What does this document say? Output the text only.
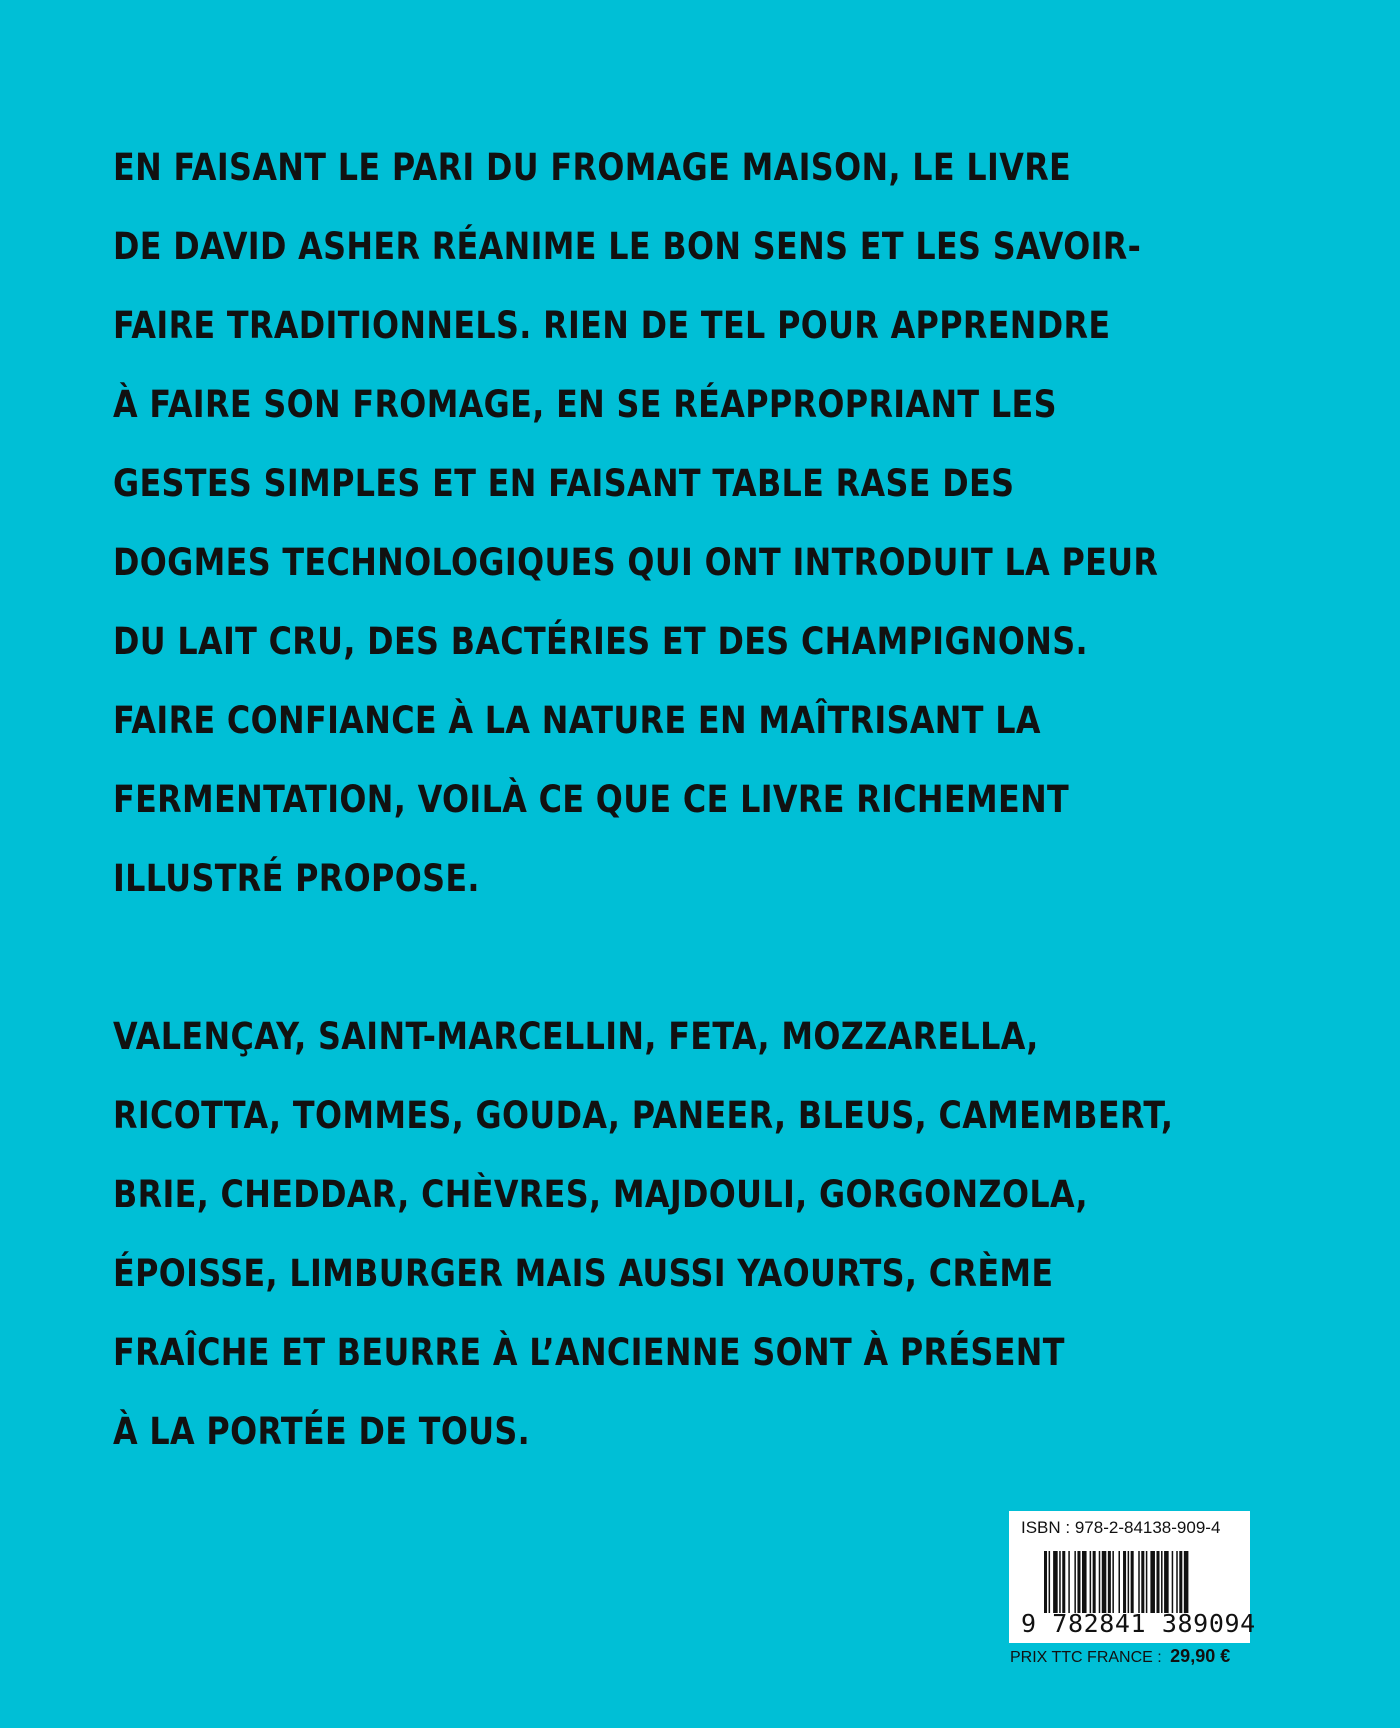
EN FAISANT LE PARI DU FROMAGE MAISON, LE LIVRE
DE DAVID ASHER RÉANIME LE BON SENS ET LES SAVOIR-
FAIRE TRADITIONNELS. RIEN DE TEL POUR APPRENDRE
À FAIRE SON FROMAGE, EN SE RÉAPPROPRIANT LES
GESTES SIMPLES ET EN FAISANT TABLE RASE DES
DOGMES TECHNOLOGIQUES QUI ONT INTRODUIT LA PEUR
DU LAIT CRU, DES BACTÉRIES ET DES CHAMPIGNONS.
FAIRE CONFIANCE À LA NATURE EN MAÎTRISANT LA
FERMENTATION, VOILÀ CE QUE CE LIVRE RICHEMENT
ILLUSTRÉ PROPOSE.
VALENÇAY, SAINT-MARCELLIN, FETA, MOZZARELLA,
RICOTTA, TOMMES, GOUDA, PANEER, BLEUS, CAMEMBERT,
BRIE, CHEDDAR, CHÈVRES, MAJDOULI, GORGONZOLA,
ÉPOISSE, LIMBURGER MAIS AUSSI YAOURTS, CRÈME
FRAÎCHE ET BEURRE À L’ANCIENNE SONT À PRÉSENT
À LA PORTÉE DE TOUS.
ISBN : 978-2-84138-909-4
9 782841 389094
PRIX TTC FRANCE : 29,90 €
